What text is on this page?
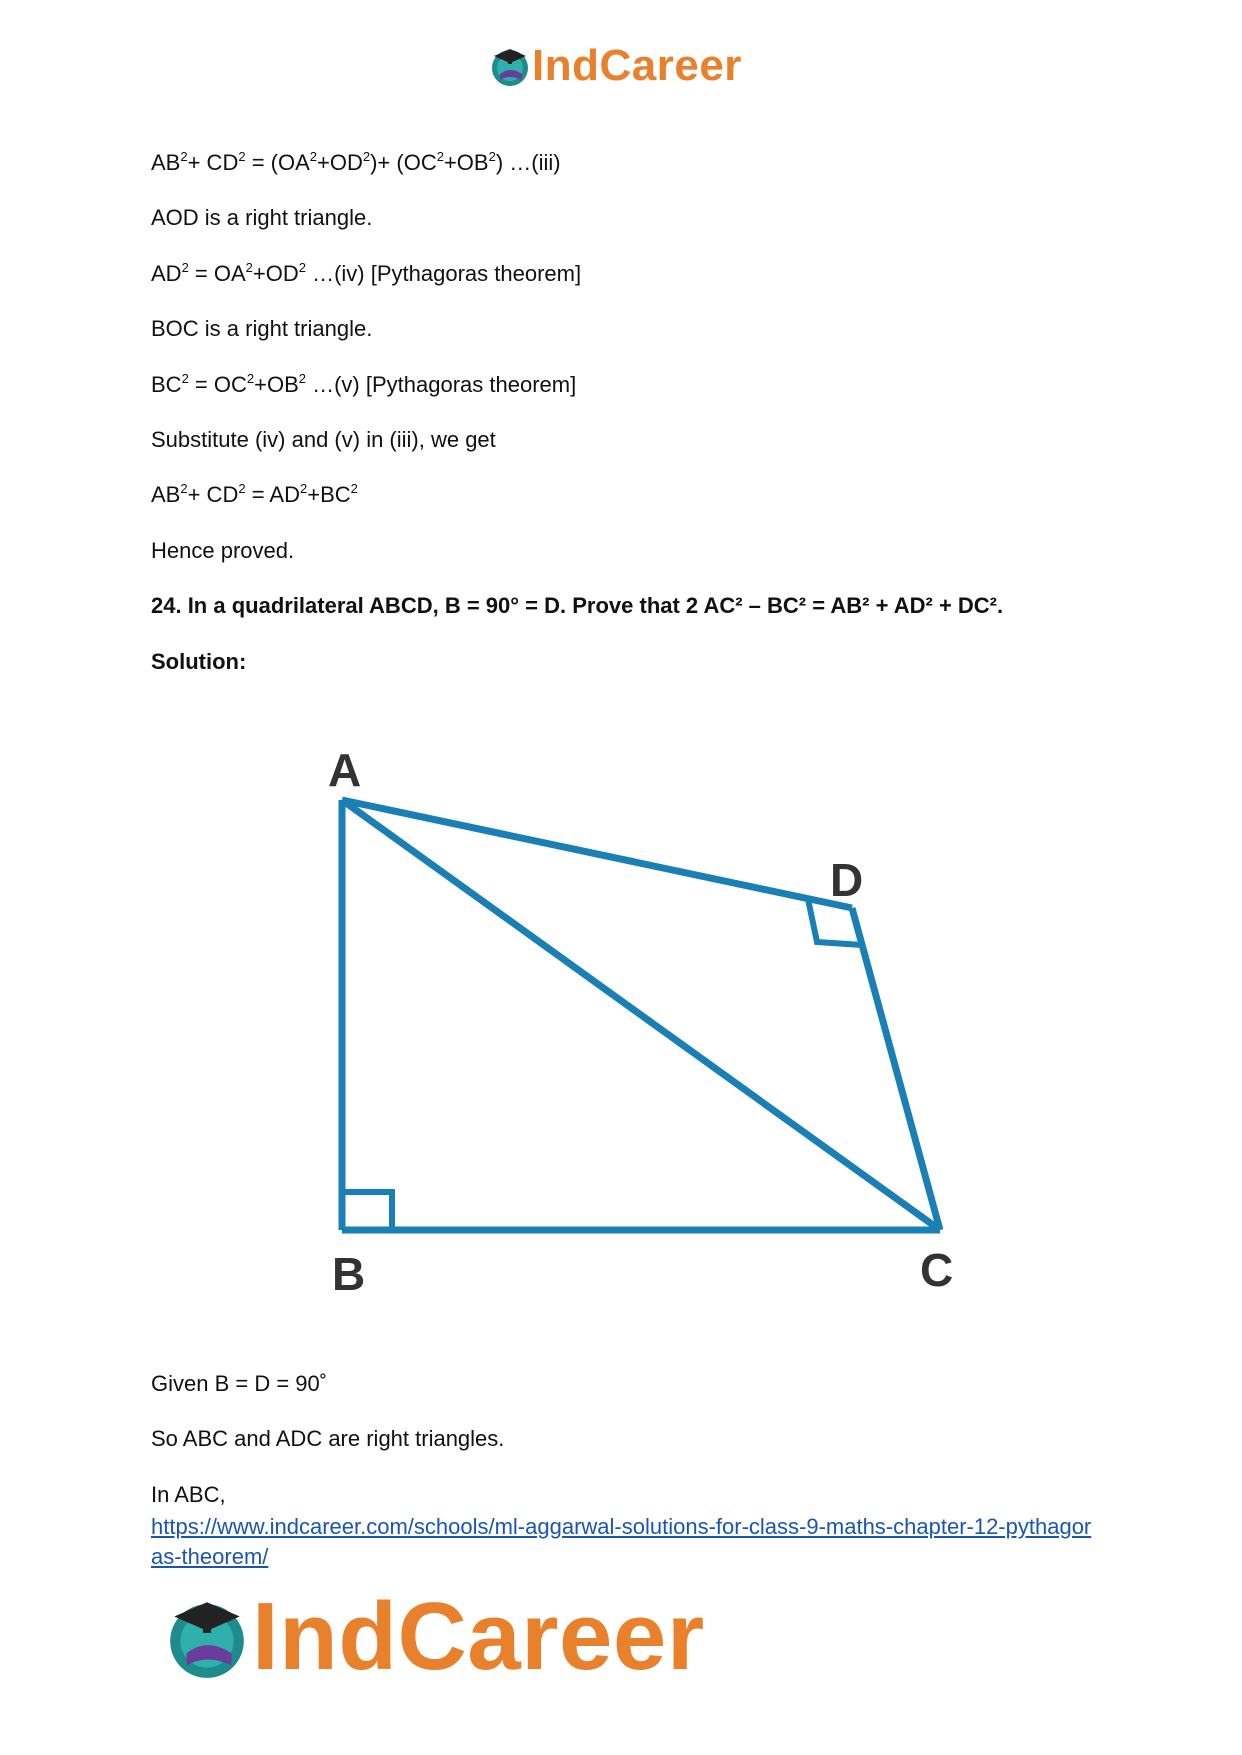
IndCareer
$AB^2+ CD^2 = (OA^2+OD^2)+ (OC^2+OB^2)$ …(iii)
AOD is a right triangle.
$AD^2 = OA^2+OD^2$ …(iv) [Pythagoras theorem]
BOC is a right triangle.
$BC^2 = OC^2+OB^2$ …(v) [Pythagoras theorem]
Substitute (iv) and (v) in (iii), we get
$AB^2+ CD^2 = AD^2+BC^2$
Hence proved.
24. In a quadrilateral ABCD, B = 90° = D. Prove that 2 AC² – BC² = AB² + AD² + DC².
Solution:
A
B	C
D
Given B = D = 90˚
So ABC and ADC are right triangles.
In ABC,
https://www.indcareer.com/schools/ml-aggarwal-solutions-for-class-9-maths-chapter-12-pythagoras-theorem/
IndCareer
